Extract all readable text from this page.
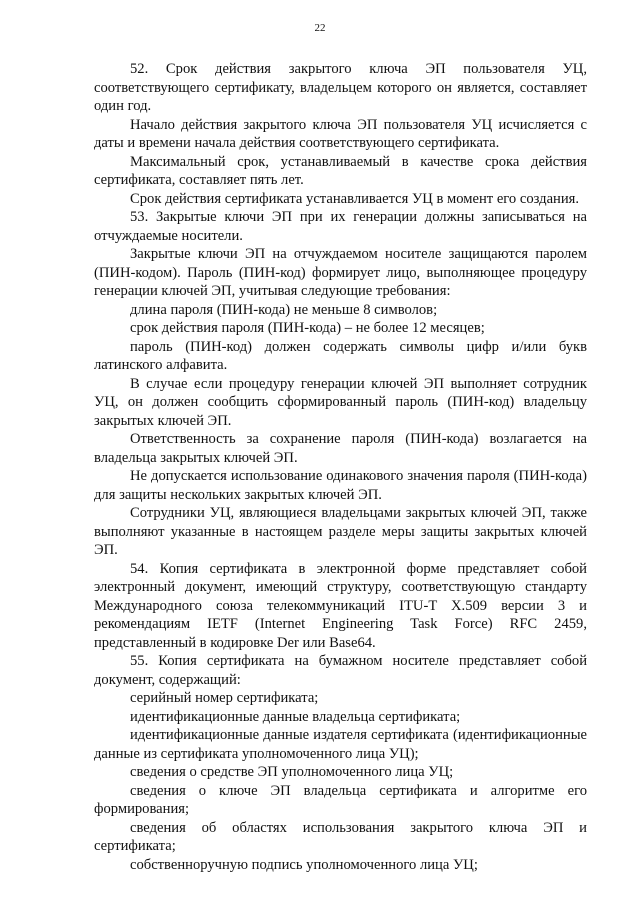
22

52. Срок действия закрытого ключа ЭП пользователя УЦ, соответствующего сертификату, владельцем которого он является, составляет один год.

Начало действия закрытого ключа ЭП пользователя УЦ исчисляется с даты и времени начала действия соответствующего сертификата.

Максимальный срок, устанавливаемый в качестве срока действия сертификата, составляет пять лет.

Срок действия сертификата устанавливается УЦ в момент его создания.

53. Закрытые ключи ЭП при их генерации должны записываться на отчуждаемые носители.

Закрытые ключи ЭП на отчуждаемом носителе защищаются паролем (ПИН-кодом). Пароль (ПИН-код) формирует лицо, выполняющее процедуру генерации ключей ЭП, учитывая следующие требования:

длина пароля (ПИН-кода) не меньше 8 символов;

срок действия пароля (ПИН-кода) – не более 12 месяцев;

пароль (ПИН-код) должен содержать символы цифр и/или букв латинского алфавита.

В случае если процедуру генерации ключей ЭП выполняет сотрудник УЦ, он должен сообщить сформированный пароль (ПИН-код) владельцу закрытых ключей ЭП.

Ответственность за сохранение пароля (ПИН-кода) возлагается на владельца закрытых ключей ЭП.

Не допускается использование одинакового значения пароля (ПИН-кода) для защиты нескольких закрытых ключей ЭП.

Сотрудники УЦ, являющиеся владельцами закрытых ключей ЭП, также выполняют указанные в настоящем разделе меры защиты закрытых ключей ЭП.

54. Копия сертификата в электронной форме представляет собой электронный документ, имеющий структуру, соответствующую стандарту Международного союза телекоммуникаций ITU-T X.509 версии 3 и рекомендациям IETF (Internet Engineering Task Force) RFC 2459, представленный в кодировке Der или Base64.

55. Копия сертификата на бумажном носителе представляет собой документ, содержащий:

серийный номер сертификата;

идентификационные данные владельца сертификата;

идентификационные данные издателя сертификата (идентификационные данные из сертификата уполномоченного лица УЦ);

сведения о средстве ЭП уполномоченного лица УЦ;

сведения о ключе ЭП владельца сертификата и алгоритме его формирования;

сведения об областях использования закрытого ключа ЭП и сертификата;

собственноручную подпись уполномоченного лица УЦ;
